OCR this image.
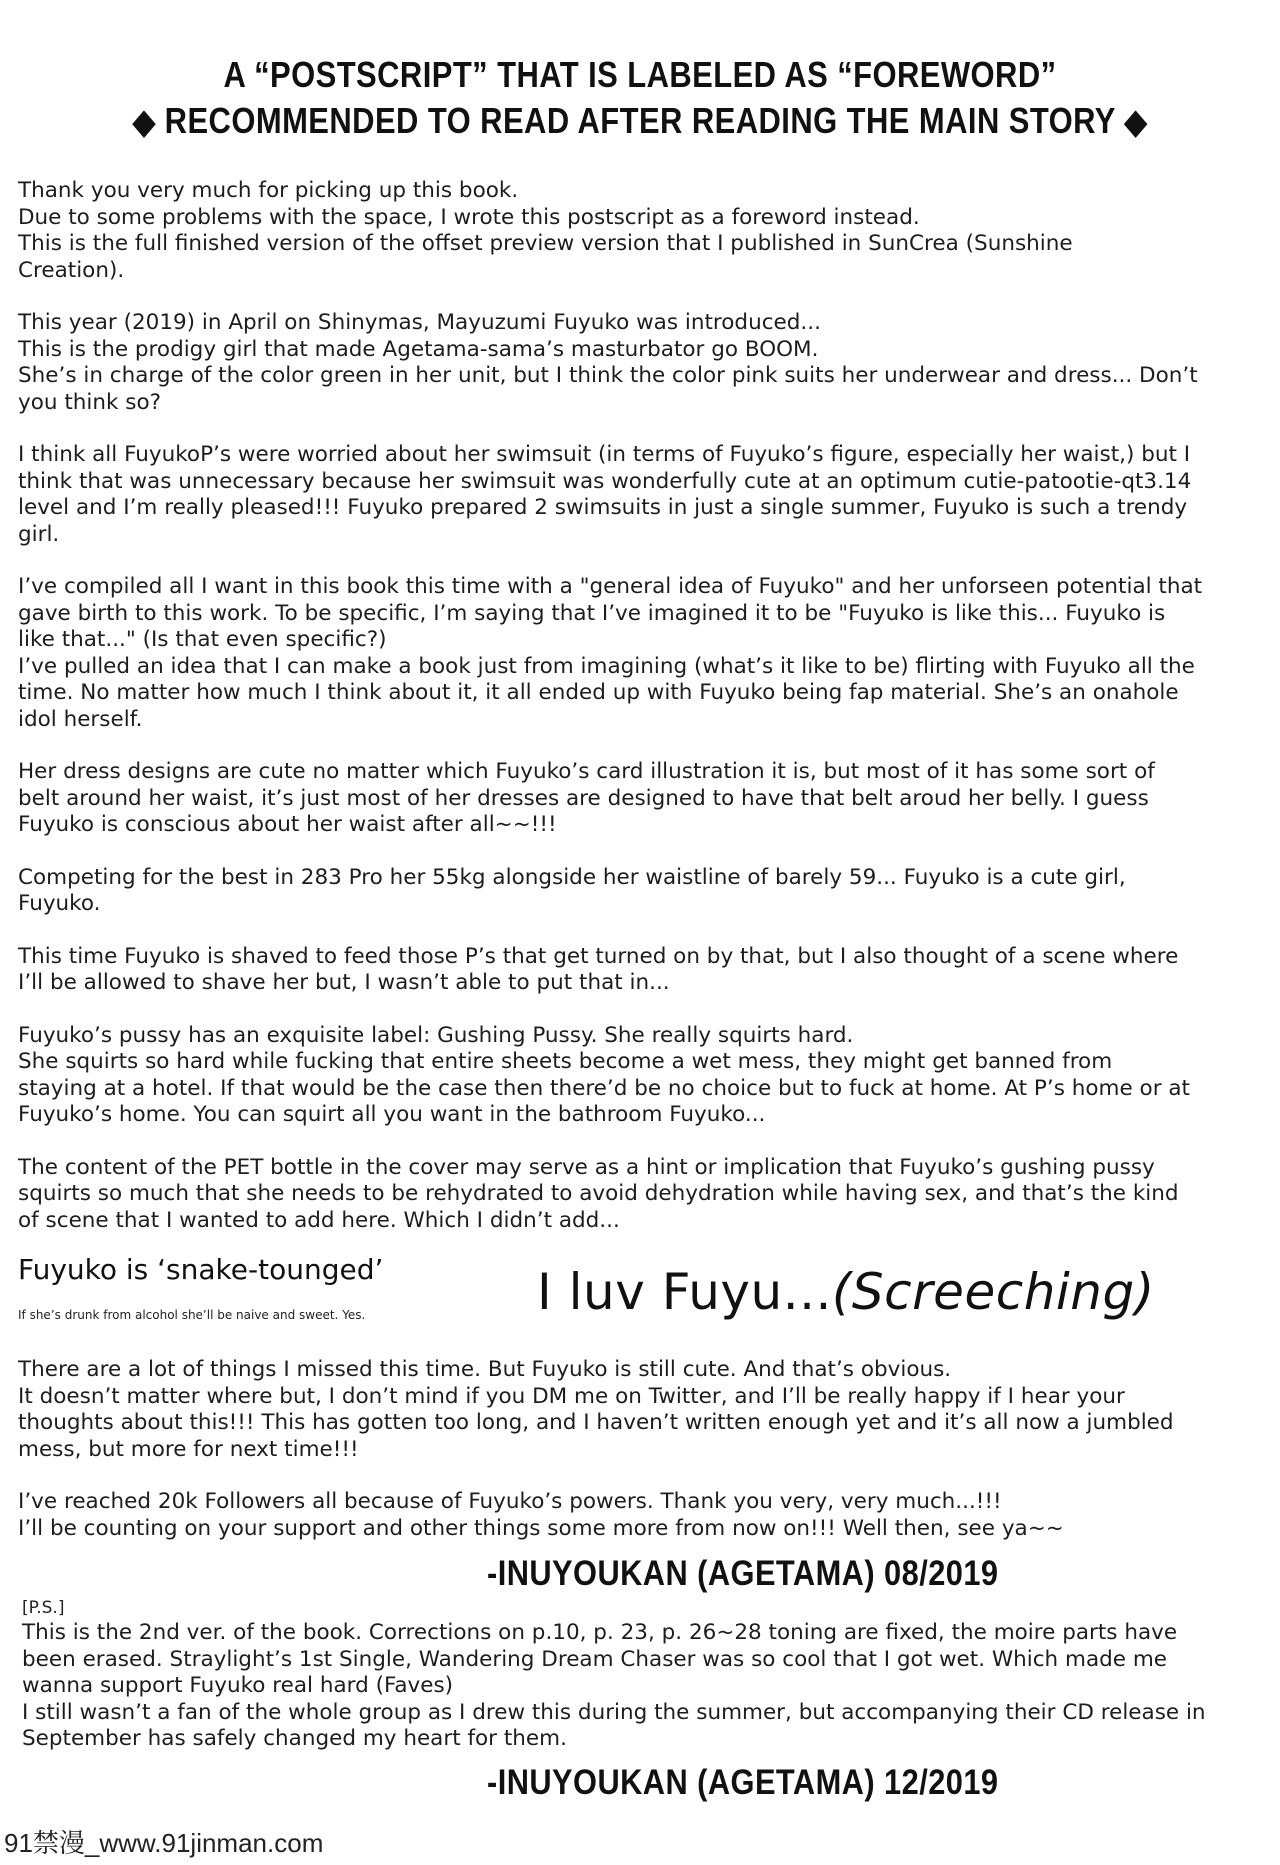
A “POSTSCRIPT” THAT IS LABELED AS “FOREWORD”
◆ RECOMMENDED TO READ AFTER READING THE MAIN STORY ◆
Thank you very much for picking up this book.
Due to some problems with the space, I wrote this postscript as a foreword instead.
This is the full finished version of the offset preview version that I published in SunCrea (Sunshine
Creation).
This year (2019) in April on Shinymas, Mayuzumi Fuyuko was introduced...
This is the prodigy girl that made Agetama-sama’s masturbator go BOOM.
She’s in charge of the color green in her unit, but I think the color pink suits her underwear and dress... Don’t
you think so?
I think all FuyukoP’s were worried about her swimsuit (in terms of Fuyuko’s figure, especially her waist,) but I
think that was unnecessary because her swimsuit was wonderfully cute at an optimum cutie-patootie-qt3.14
level and I’m really pleased!!! Fuyuko prepared 2 swimsuits in just a single summer, Fuyuko is such a trendy
girl.
I’ve compiled all I want in this book this time with a "general idea of Fuyuko" and her unforseen potential that
gave birth to this work. To be specific, I’m saying that I’ve imagined it to be "Fuyuko is like this... Fuyuko is
like that..." (Is that even specific?)
I’ve pulled an idea that I can make a book just from imagining (what’s it like to be) flirting with Fuyuko all the
time. No matter how much I think about it, it all ended up with Fuyuko being fap material. She’s an onahole
idol herself.
Her dress designs are cute no matter which Fuyuko’s card illustration it is, but most of it has some sort of
belt around her waist, it’s just most of her dresses are designed to have that belt aroud her belly. I guess
Fuyuko is conscious about her waist after all~~!!!
Competing for the best in 283 Pro her 55kg alongside her waistline of barely 59... Fuyuko is a cute girl,
Fuyuko.
This time Fuyuko is shaved to feed those P’s that get turned on by that, but I also thought of a scene where
I’ll be allowed to shave her but, I wasn’t able to put that in...
Fuyuko’s pussy has an exquisite label: Gushing Pussy. She really squirts hard.
She squirts so hard while fucking that entire sheets become a wet mess, they might get banned from
staying at a hotel. If that would be the case then there’d be no choice but to fuck at home. At P’s home or at
Fuyuko’s home. You can squirt all you want in the bathroom Fuyuko...
The content of the PET bottle in the cover may serve as a hint or implication that Fuyuko’s gushing pussy
squirts so much that she needs to be rehydrated to avoid dehydration while having sex, and that’s the kind
of scene that I wanted to add here. Which I didn’t add...
Fuyuko is ‘snake-tounged’
If she’s drunk from alcohol she’ll be naive and sweet. Yes.	I luv Fuyu...(Screeching)
There are a lot of things I missed this time. But Fuyuko is still cute. And that’s obvious.
It doesn’t matter where but, I don’t mind if you DM me on Twitter, and I’ll be really happy if I hear your
thoughts about this!!! This has gotten too long, and I haven’t written enough yet and it’s all now a jumbled
mess, but more for next time!!!
I’ve reached 20k Followers all because of Fuyuko’s powers. Thank you very, very much...!!!
I’ll be counting on your support and other things some more from now on!!! Well then, see ya~~
-INUYOUKAN (AGETAMA) 08/2019
[P.S.]
This is the 2nd ver. of the book. Corrections on p.10, p. 23, p. 26~28 toning are fixed, the moire parts have
been erased. Straylight’s 1st Single, Wandering Dream Chaser was so cool that I got wet. Which made me
wanna support Fuyuko real hard (Faves)
I still wasn’t a fan of the whole group as I drew this during the summer, but accompanying their CD release in
September has safely changed my heart for them.
-INUYOUKAN (AGETAMA) 12/2019
91禁漫_www.91jinman.com
